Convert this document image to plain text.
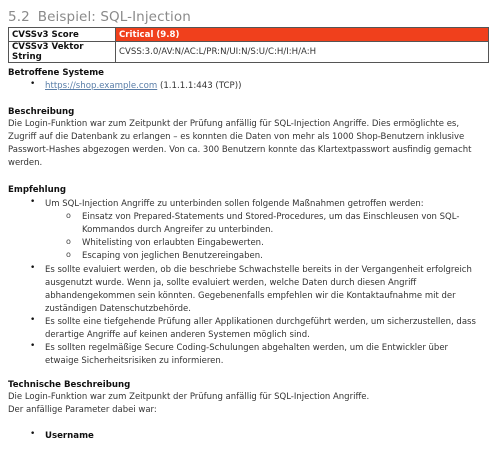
5.2 Beispiel: SQL-Injection
CVSSv3 Score	Critical (9.8)
CVSSv3 Vektor String	CVSS:3.0/AV:N/AC:L/PR:N/UI:N/S:U/C:H/I:H/A:H
Betroffene Systeme
• https://shop.example.com (1.1.1.1:443 (TCP))
Beschreibung
Die Login-Funktion war zum Zeitpunkt der Prüfung anfällig für SQL-Injection Angriffe. Dies ermöglichte es,
Zugriff auf die Datenbank zu erlangen – es konnten die Daten von mehr als 1000 Shop-Benutzern inklusive
Passwort-Hashes abgezogen werden. Von ca. 300 Benutzern konnte das Klartextpasswort ausfindig gemacht
werden.
Empfehlung
• Um SQL-Injection Angriffe zu unterbinden sollen folgende Maßnahmen getroffen werden:
o Einsatz von Prepared-Statements und Stored-Procedures, um das Einschleusen von SQL-
Kommandos durch Angreifer zu unterbinden.
o Whitelisting von erlaubten Eingabewerten.
o Escaping von jeglichen Benutzereingaben.
• Es sollte evaluiert werden, ob die beschriebe Schwachstelle bereits in der Vergangenheit erfolgreich
ausgenutzt wurde. Wenn ja, sollte evaluiert werden, welche Daten durch diesen Angriff
abhandengekommen sein könnten. Gegebenenfalls empfehlen wir die Kontaktaufnahme mit der
zuständigen Datenschutzbehörde.
• Es sollte eine tiefgehende Prüfung aller Applikationen durchgeführt werden, um sicherzustellen, dass
derartige Angriffe auf keinen anderen Systemen möglich sind.
• Es sollten regelmäßige Secure Coding-Schulungen abgehalten werden, um die Entwickler über
etwaige Sicherheitsrisiken zu informieren.
Technische Beschreibung
Die Login-Funktion war zum Zeitpunkt der Prüfung anfällig für SQL-Injection Angriffe.
Der anfällige Parameter dabei war:
• Username
